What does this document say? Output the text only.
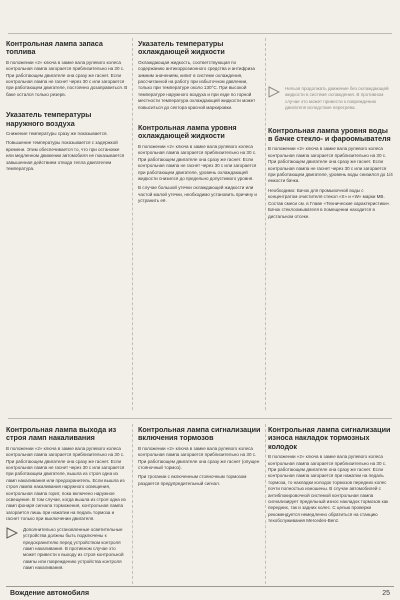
Контрольная лампа запаса топлива

В положении «2» ключа в замке вала рулевого колеса контрольная лампа загорается приблизительно на 30 с. При работающем двигателе она сразу же гаснет. Если контрольная лампа не гаснет через 30 с или загорается при работающем двигателе, постоянно дозаправиться. В баке остался только резерв.

Указатель температуры наружного воздуха

Снижение температуры сразу же показывается.

Повышение температуры показывается с задержкой времени. Этим обеспечивается то, что при остановке или медленном движении автомобиля не показывается завышенная действием отвода тепла двигателем температура.

Указатель температуры охлаждающей жидкости

Охлаждающая жидкость, соответствующая по содержанию антикоррозионного средства и антифриза зимним значениям, кипит в системе охлаждения, рассчитанной на работу при избыточном давлении, только при температуре около 130°С. При высокой температуре наружного воздуха и при езде по горной местности температура охлаждающей жидкости может повыситься до сектора красной маркировки.

Контрольная лампа уровня охлаждающей жидкости

В положении «2» ключа в замке вала рулевого колеса контрольная лампа загорается приблизительно на 30 с. При работающем двигателе она сразу же гаснет. Если контрольная лампа не гаснет через 30 с или загорается при работающем двигателе, уровень охлаждающей жидкости снизился до предельно допустимого уровня.

В случае большой утечки охлаждающей жидкости или частой малой утечки, необходимо установить причину и устранить её.

Нельзя продолжать движение без охлаждающей жидкости в системе охлаждения. В противном случае это может привести к повреждению двигателя вследствие перегрева.

Контрольная лампа уровня воды в бачке стекло- и фароомывателя

В положении «2» ключа в замке вала рулевого колеса контрольная лампа загорается приблизительно на 30 с. При работающем двигателе она сразу же гаснет. Если контрольная лампа не гаснет через 30 с или загорается при работающем двигателе, уровень воды снизился до 1/4 емкости бачка.

Необходимо: Бачок для промывочной воды с концентратом очистителя стекол «S» и «W» марки MB. Состав смеси см. в Главе «Технические характеристики». Бачок стеклоомывателя в помещении находится в дистальном отсеке.

Контрольная лампа выхода из строя ламп накаливания

В положении «2» ключа в замке вала рулевого колеса контрольная лампа загорается приблизительно на 30 с. При работающем двигателе она сразу же гаснет. Если контрольная лампа не гаснет через 30 с или загорается при работающем двигателе, вышла из строя одна из ламп накаливания или предохранитель. Если вышла из строя лампа накаливания наружного освещения, контрольная лампа горит, пока включено наружное освещение. В том случае, когда вышла из строя одна из ламп фонаря сигнала торможения, контрольная лампа загорается лишь при нажатии на педаль тормоза и гаснет только при выключении двигателя.

Дополнительно установленные осветительные устройства должны быть подключены к предохранителю перед устройством контроля ламп накаливания. В противном случае это может привести к выходу из строя контрольной лампы или повреждению устройства контроля ламп накаливания.

Контрольная лампа сигнализации включения тормозов

В положении «2» ключа в замке вала рулевого колеса контрольная лампа загорается приблизительно на 30 с. При работающем двигателе она сразу же гаснет (опущен стояночный тормоз).

При трогании с включенным стояночным тормозом раздается предупредительный сигнал.

Контрольная лампа сигнализации износа накладок тормозных колодок

В положении «2» ключа в замке вала рулевого колеса контрольная лампа загорается приблизительно на 30 с. При работающем двигателе она сразу же гаснет. Если контрольная лампа загорается при нажатии на педаль тормоза, то накладки колодок тормозов передних колес почти полностью изношены. В случае автомобилей с антиблокировочной системой контрольная лампа сигнализирует предельный износ накладок тормозов как передних, так и задних колес. С целью проверки рекомендуется немедленно обратиться на станцию техобслуживания Mercedes-Benz.

Вождение автомобиля	25
